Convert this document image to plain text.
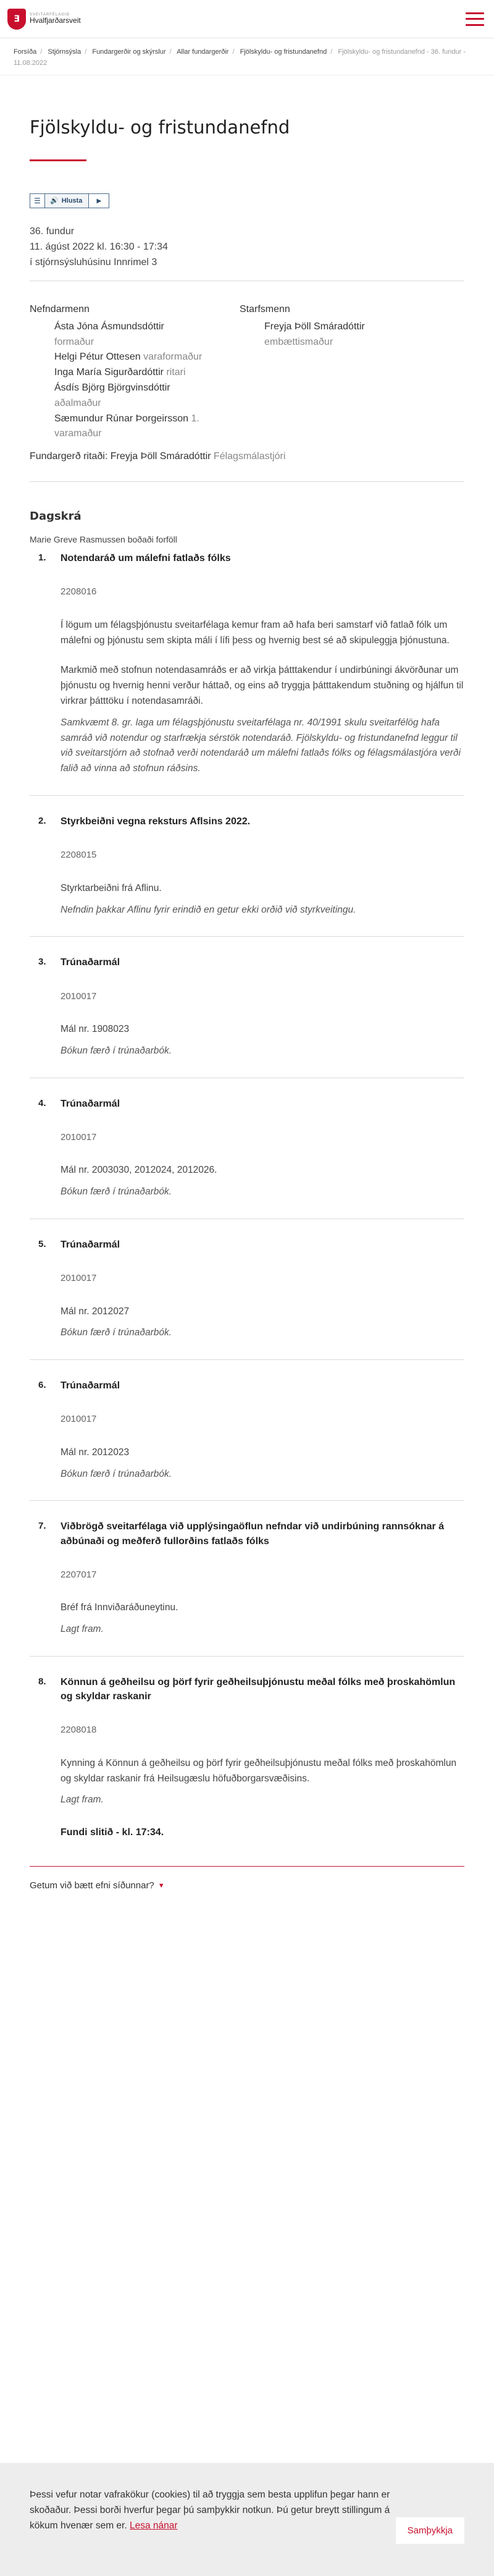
Ǝ	SVEITARFÉLAGIÐ
Hvalfjarðarsveit
Forsíða / Stjórnsýsla / Fundargerðir og skýrslur / Allar fundargerðir / Fjölskyldu- og fristundanefnd / Fjölskyldu- og fristundanefnd - 36. fundur - 11.08.2022
Fjölskyldu- og fristundanefnd
☰	🔊 Hlusta	▶
36. fundur
11. ágúst 2022 kl. 16:30 - 17:34
í stjórnsýsluhúsinu Innrimel 3
Nefndarmenn
Ásta Jóna Ásmundsdóttir
formaður
Helgi Pétur Ottesen varaformaður
Inga María Sigurðardóttir ritari
Ásdís Björg Björgvinsdóttir
aðalmaður
Sæmundur Rúnar Þorgeirsson 1. varamaður
Starfsmenn
Freyja Þöll Smáradóttir
embættismaður
Fundargerð ritaði: Freyja Þöll Smáradóttir Félagsmálastjóri
Dagskrá
Marie Greve Rasmussen boðaði forföll
1. Notendaráð um málefni fatlaðs fólks
2208016

Í lögum um félagsþjónustu sveitarfélaga kemur fram að hafa beri samstarf við fatlað fólk um málefni og þjónustu sem skipta máli í lífi þess og hvernig best sé að skipuleggja þjónustuna.

Markmið með stofnun notendasamráðs er að virkja þátttakendur í undirbúningi ákvörðunar um þjónustu og hvernig henni verður háttað, og eins að tryggja þátttakendum stuðning og hjálfun til virkrar þátttöku í notendasamráði.

Samkvæmt 8. gr. laga um félagsþjónustu sveitarfélaga nr. 40/1991 skulu sveitarfélög hafa samráð við notendur og starfrækja sérstök notendaráð. Fjölskyldu- og fristundanefnd leggur til við sveitarstjórn að stofnað verði notendaráð um málefni fatlaðs fólks og félagsmálastjóra verði falið að vinna að stofnun ráðsins.

2. Styrkbeiðni vegna reksturs Aflsins 2022.
2208015

Styrktarbeiðni frá Aflinu.

Nefndin þakkar Aflinu fyrir erindið en getur ekki orðið við styrkveitingu.

3. Trúnaðarmál
2010017

Mál nr. 1908023

Bókun færð í trúnaðarbók.

4. Trúnaðarmál
2010017

Mál nr. 2003030, 2012024, 2012026.

Bókun færð í trúnaðarbók.

5. Trúnaðarmál
2010017

Mál nr. 2012027

Bókun færð í trúnaðarbók.

6. Trúnaðarmál
2010017

Mál nr. 2012023

Bókun færð í trúnaðarbók.

7. Viðbrögð sveitarfélaga við upplýsingaöflun nefndar við undirbúning rannsóknar á aðbúnaði og meðferð fullorðins fatlaðs fólks
2207017

Bréf frá Innviðaráðuneytinu.

Lagt fram.

8. Könnun á geðheilsu og þörf fyrir geðheilsuþjónustu meðal fólks með þroskahömlun og skyldar raskanir
2208018

Kynning á Könnun á geðheilsu og þörf fyrir geðheilsuþjónustu meðal fólks með þroskahömlun og skyldar raskanir frá Heilsugæslu höfuðborgarsvæðisins.

Lagt fram.

Fundi slitið - kl. 17:34.
Getum við bætt efni síðunnar? ▼
Þessi vefur notar vafrakökur (cookies) til að tryggja sem besta upplifun þegar hann er skoðaður. Þessi borði hverfur þegar þú samþykkir notkun. Þú getur breytt stillingum á kökum hvenær sem er. Lesa nánar	Samþykkja
